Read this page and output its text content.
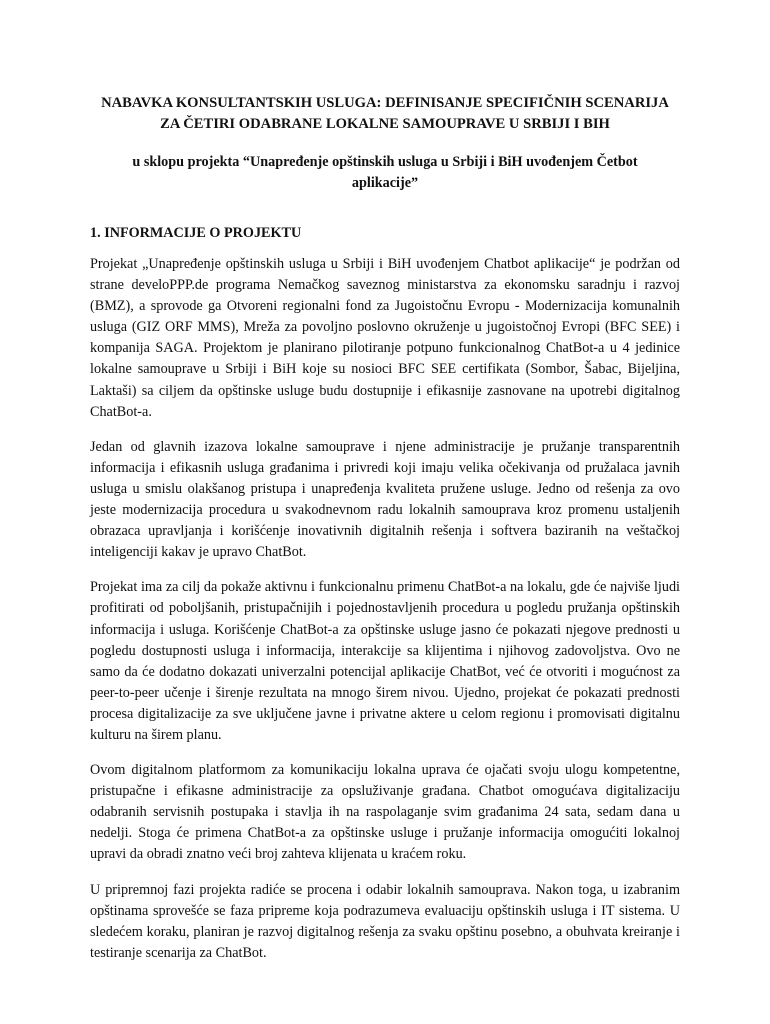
NABAVKA KONSULTANTSKIH USLUGA: DEFINISANJE SPECIFIČNIH SCENARIJA ZA ČETIRI ODABRANE LOKALNE SAMOUPRAVE U SRBIJI I BIH

u sklopu projekta “Unapređenje opštinskih usluga u Srbiji i BiH uvođenjem Četbot aplikacije”

1. INFORMACIJE O PROJEKTU

Projekat „Unapređenje opštinskih usluga u Srbiji i BiH uvođenjem Chatbot aplikacije“ je podržan od strane develoPPP.de programa Nemačkog saveznog ministarstva za ekonomsku saradnju i razvoj (BMZ), a sprovode ga Otvoreni regionalni fond za Jugoistočnu Evropu - Modernizacija komunalnih usluga (GIZ ORF MMS), Mreža za povoljno poslovno okruženje u jugoistočnoj Evropi (BFC SEE) i kompanija SAGA. Projektom je planirano pilotiranje potpuno funkcionalnog ChatBot-a u 4 jedinice lokalne samouprave u Srbiji i BiH koje su nosioci BFC SEE certifikata (Sombor, Šabac, Bijeljina, Laktaši) sa ciljem da opštinske usluge budu dostupnije i efikasnije zasnovane na upotrebi digitalnog ChatBot-a.

Jedan od glavnih izazova lokalne samouprave i njene administracije je pružanje transparentnih informacija i efikasnih usluga građanima i privredi koji imaju velika očekivanja od pružalaca javnih usluga u smislu olakšanog pristupa i unapređenja kvaliteta pružene usluge. Jedno od rešenja za ovo jeste modernizacija procedura u svakodnevnom radu lokalnih samouprava kroz promenu ustaljenih obrazaca upravljanja i korišćenje inovativnih digitalnih rešenja i softvera baziranih na veštačkoj inteligenciji kakav je upravo ChatBot.

Projekat ima za cilj da pokaže aktivnu i funkcionalnu primenu ChatBot-a na lokalu, gde će najviše ljudi profitirati od poboljšanih, pristupačnijih i pojednostavljenih procedura u pogledu pružanja opštinskih informacija i usluga. Korišćenje ChatBot-a za opštinske usluge jasno će pokazati njegove prednosti u pogledu dostupnosti usluga i informacija, interakcije sa klijentima i njihovog zadovoljstva. Ovo ne samo da će dodatno dokazati univerzalni potencijal aplikacije ChatBot, već će otvoriti i mogućnost za peer-to-peer učenje i širenje rezultata na mnogo širem nivou. Ujedno, projekat će pokazati prednosti procesa digitalizacije za sve uključene javne i privatne aktere u celom regionu i promovisati digitalnu kulturu na širem planu.

Ovom digitalnom platformom za komunikaciju lokalna uprava će ojačati svoju ulogu kompetentne, pristupačne i efikasne administracije za opsluživanje građana. Chatbot omogućava digitalizaciju odabranih servisnih postupaka i stavlja ih na raspolaganje svim građanima 24 sata, sedam dana u nedelji. Stoga će primena ChatBot-a za opštinske usluge i pružanje informacija omogućiti lokalnoj upravi da obradi znatno veći broj zahteva klijenata u kraćem roku.

U pripremnoj fazi projekta radiće se procena i odabir lokalnih samouprava. Nakon toga, u izabranim opštinama sprovešće se faza pripreme koja podrazumeva evaluaciju opštinskih usluga i IT sistema. U sledećem koraku, planiran je razvoj digitalnog rešenja za svaku opštinu posebno, a obuhvata kreiranje i testiranje scenarija za ChatBot.
